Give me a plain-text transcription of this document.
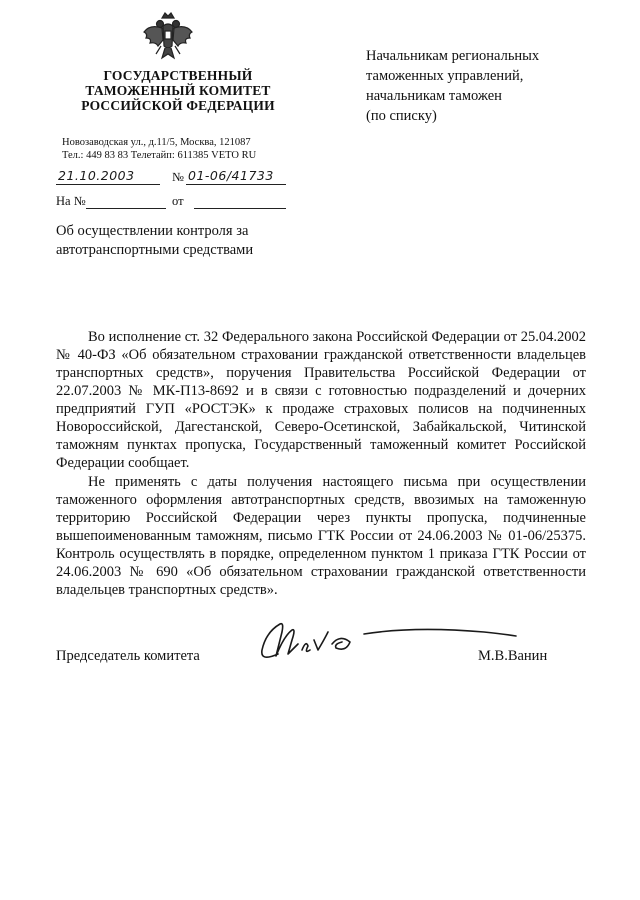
ГОСУДАРСТВЕННЫЙ
ТАМОЖЕННЫЙ КОМИТЕТ
РОССИЙСКОЙ ФЕДЕРАЦИИ
Новозаводская ул., д.11/5, Москва, 121087
Тел.: 449 83 83 Телетайп: 611385 VETO RU
21.10.2003	№ 01-06/41733
На №	от
Об осуществлении контроля за
автотранспортными средствами
Начальникам региональных
таможенных управлений,
начальникам таможен
(по списку)

Во исполнение ст. 32 Федерального закона Российской Федерации от 25.04.2002 № 40-ФЗ «Об обязательном страховании гражданской ответственности владельцев транспортных средств», поручения Правительства Российской Федерации от 22.07.2003 № МК-П13-8692 и в связи с готовностью подразделений и дочерних предприятий ГУП «РОСТЭК» к продаже страховых полисов на подчиненных Новороссийской, Дагестанской, Северо-Осетинской, Забайкальской, Читинской таможням пунктах пропуска, Государственный таможенный комитет Российской Федерации сообщает.

Не применять с даты получения настоящего письма при осуществлении таможенного оформления автотранспортных средств, ввозимых на таможенную территорию Российской Федерации через пункты пропуска, подчиненные вышепоименованным таможням, письмо ГТК России от 24.06.2003 № 01-06/25375. Контроль осуществлять в порядке, определенном пунктом 1 приказа ГТК России от 24.06.2003 № 690 «Об обязательном страховании гражданской ответственности владельцев транспортных средств».

Председатель комитета	М.В.Ванин
